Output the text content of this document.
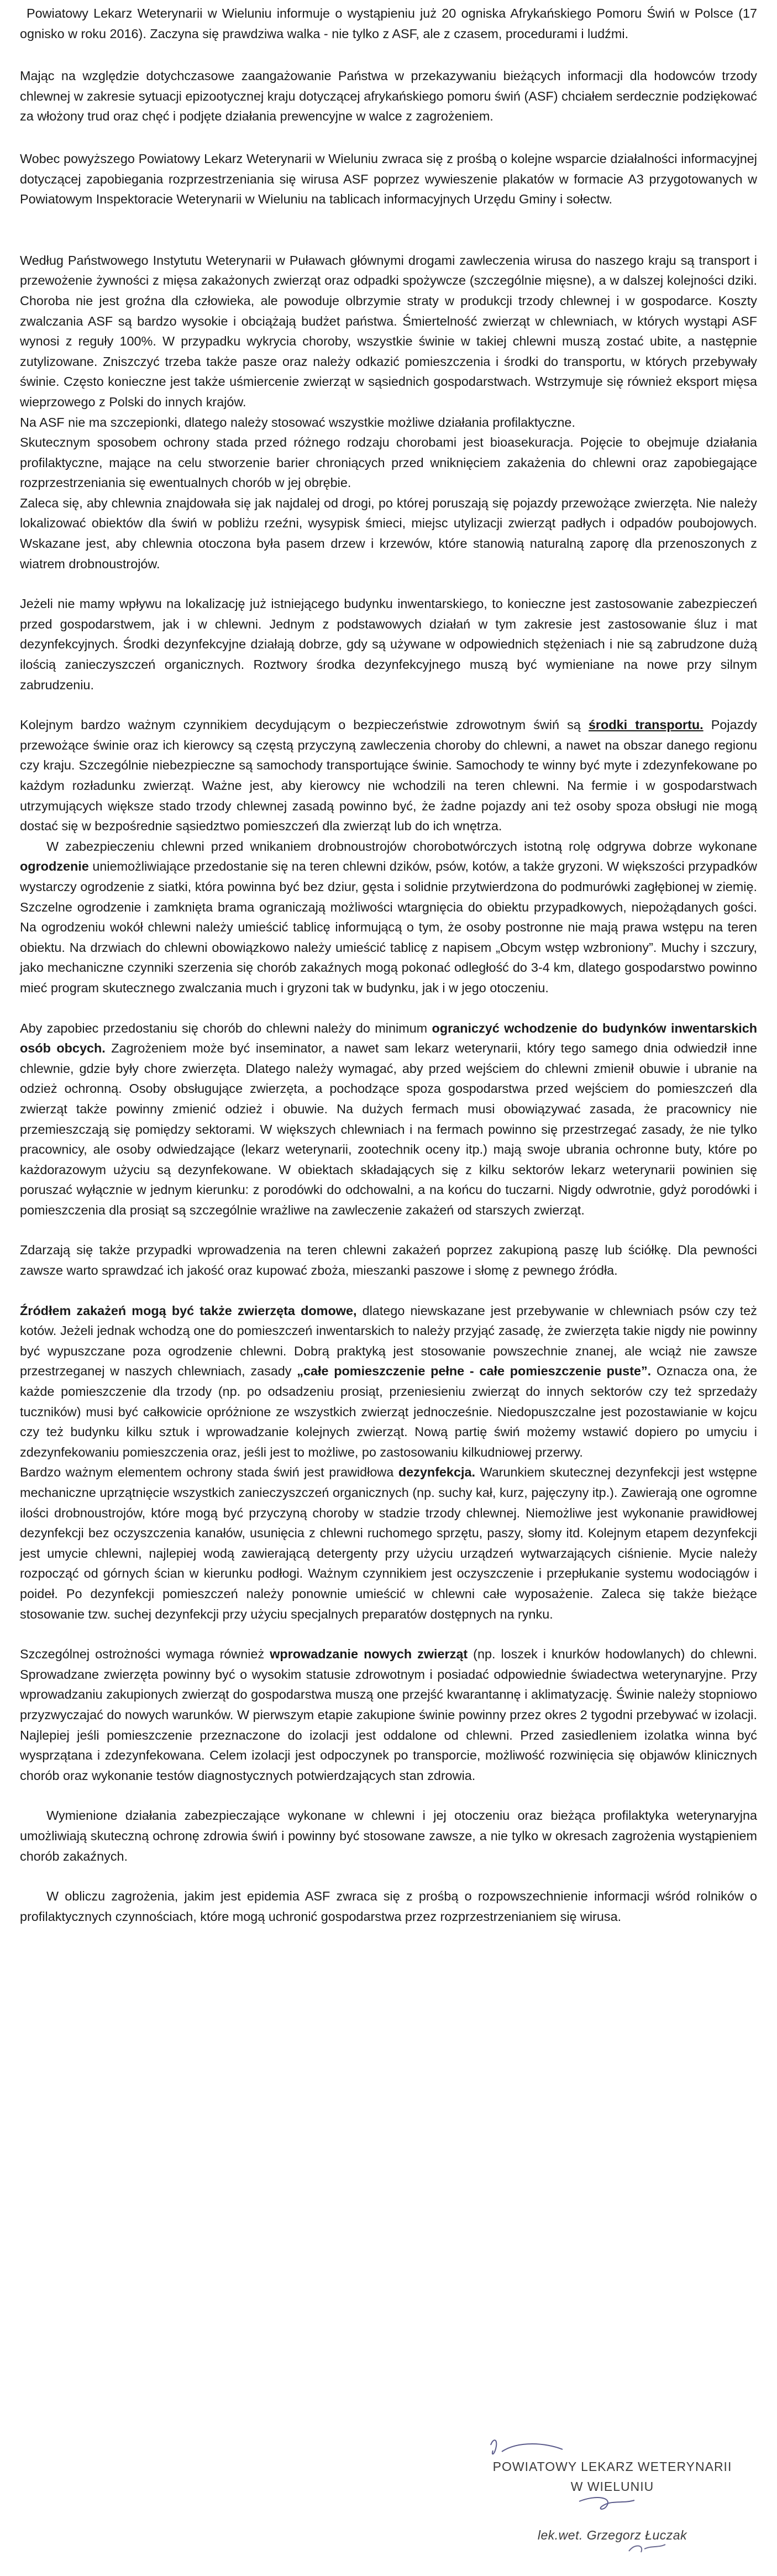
Powiatowy Lekarz Weterynarii w Wieluniu informuje o wystąpieniu już 20 ogniska Afrykańskiego Pomoru Świń w Polsce (17 ognisko w roku 2016). Zaczyna się prawdziwa walka - nie tylko z ASF, ale z czasem, procedurami i ludźmi.

Mając na względzie dotychczasowe zaangażowanie Państwa w przekazywaniu bieżących informacji dla hodowców trzody chlewnej w zakresie sytuacji epizootycznej kraju dotyczącej afrykańskiego pomoru świń (ASF) chciałem serdecznie podziękować za włożony trud oraz chęć i podjęte działania prewencyjne w walce z zagrożeniem.

Wobec powyższego Powiatowy Lekarz Weterynarii w Wieluniu zwraca się z prośbą o kolejne wsparcie działalności informacyjnej dotyczącej zapobiegania rozprzestrzeniania się wirusa ASF poprzez wywieszenie plakatów w formacie A3 przygotowanych w Powiatowym Inspektoracie Weterynarii w Wieluniu na tablicach informacyjnych Urzędu Gminy i sołectw.

Według Państwowego Instytutu Weterynarii w Puławach głównymi drogami zawleczenia wirusa do naszego kraju są transport i przewożenie żywności z mięsa zakażonych zwierząt oraz odpadki spożywcze (szczególnie mięsne), a w dalszej kolejności dziki. Choroba nie jest groźna dla człowieka, ale powoduje olbrzymie straty w produkcji trzody chlewnej i w gospodarce. Koszty zwalczania ASF są bardzo wysokie i obciążają budżet państwa. Śmiertelność zwierząt w chlewniach, w których wystąpi ASF wynosi z reguły 100%. W przypadku wykrycia choroby, wszystkie świnie w takiej chlewni muszą zostać ubite, a następnie zutylizowane. Zniszczyć trzeba także pasze oraz należy odkazić pomieszczenia i środki do transportu, w których przebywały świnie. Często konieczne jest także uśmiercenie zwierząt w sąsiednich gospodarstwach. Wstrzymuje się również eksport mięsa wieprzowego z Polski do innych krajów.

Na ASF nie ma szczepionki, dlatego należy stosować wszystkie możliwe działania profilaktyczne.

Skutecznym sposobem ochrony stada przed różnego rodzaju chorobami jest bioasekuracja. Pojęcie to obejmuje działania profilaktyczne, mające na celu stworzenie barier chroniących przed wniknięciem zakażenia do chlewni oraz zapobiegające rozprzestrzeniania się ewentualnych chorób w jej obrębie.

Zaleca się, aby chlewnia znajdowała się jak najdalej od drogi, po której poruszają się pojazdy przewożące zwierzęta. Nie należy lokalizować obiektów dla świń w pobliżu rzeźni, wysypisk śmieci, miejsc utylizacji zwierząt padłych i odpadów poubojowych. Wskazane jest, aby chlewnia otoczona była pasem drzew i krzewów, które stanowią naturalną zaporę dla przenoszonych z wiatrem drobnoustrojów.

Jeżeli nie mamy wpływu na lokalizację już istniejącego budynku inwentarskiego, to konieczne jest zastosowanie zabezpieczeń przed gospodarstwem, jak i w chlewni. Jednym z podstawowych działań w tym zakresie jest zastosowanie śluz i mat dezynfekcyjnych. Środki dezynfekcyjne działają dobrze, gdy są używane w odpowiednich stężeniach i nie są zabrudzone dużą ilością zanieczyszczeń organicznych. Roztwory środka dezynfekcyjnego muszą być wymieniane na nowe przy silnym zabrudzeniu.

Kolejnym bardzo ważnym czynnikiem decydującym o bezpieczeństwie zdrowotnym świń są środki transportu. Pojazdy przewożące świnie oraz ich kierowcy są częstą przyczyną zawleczenia choroby do chlewni, a nawet na obszar danego regionu czy kraju. Szczególnie niebezpieczne są samochody transportujące świnie. Samochody te winny być myte i zdezynfekowane po każdym rozładunku zwierząt. Ważne jest, aby kierowcy nie wchodzili na teren chlewni. Na fermie i w gospodarstwach utrzymujących większe stado trzody chlewnej zasadą powinno być, że żadne pojazdy ani też osoby spoza obsługi nie mogą dostać się w bezpośrednie sąsiedztwo pomieszczeń dla zwierząt lub do ich wnętrza.

W zabezpieczeniu chlewni przed wnikaniem drobnoustrojów chorobotwórczych istotną rolę odgrywa dobrze wykonane ogrodzenie uniemożliwiające przedostanie się na teren chlewni dzików, psów, kotów, a także gryzoni. W większości przypadków wystarczy ogrodzenie z siatki, która powinna być bez dziur, gęsta i solidnie przytwierdzona do podmurówki zagłębionej w ziemię. Szczelne ogrodzenie i zamknięta brama ograniczają możliwości wtargnięcia do obiektu przypadkowych, niepożądanych gości. Na ogrodzeniu wokół chlewni należy umieścić tablicę informującą o tym, że osoby postronne nie mają prawa wstępu na teren obiektu. Na drzwiach do chlewni obowiązkowo należy umieścić tablicę z napisem „Obcym wstęp wzbroniony”. Muchy i szczury, jako mechaniczne czynniki szerzenia się chorób zakaźnych mogą pokonać odległość do 3-4 km, dlatego gospodarstwo powinno mieć program skutecznego zwalczania much i gryzoni tak w budynku, jak i w jego otoczeniu.

Aby zapobiec przedostaniu się chorób do chlewni należy do minimum ograniczyć wchodzenie do budynków inwentarskich osób obcych. Zagrożeniem może być inseminator, a nawet sam lekarz weterynarii, który tego samego dnia odwiedził inne chlewnie, gdzie były chore zwierzęta. Dlatego należy wymagać, aby przed wejściem do chlewni zmienił obuwie i ubranie na odzież ochronną. Osoby obsługujące zwierzęta, a pochodzące spoza gospodarstwa przed wejściem do pomieszczeń dla zwierząt także powinny zmienić odzież i obuwie. Na dużych fermach musi obowiązywać zasada, że pracownicy nie przemieszczają się pomiędzy sektorami. W większych chlewniach i na fermach powinno się przestrzegać zasady, że nie tylko pracownicy, ale osoby odwiedzające (lekarz weterynarii, zootechnik oceny itp.) mają swoje ubrania ochronne buty, które po każdorazowym użyciu są dezynfekowane. W obiektach składających się z kilku sektorów lekarz weterynarii powinien się poruszać wyłącznie w jednym kierunku: z porodówki do odchowalni, a na końcu do tuczarni. Nigdy odwrotnie, gdyż porodówki i pomieszczenia dla prosiąt są szczególnie wrażliwe na zawleczenie zakażeń od starszych zwierząt.

Zdarzają się także przypadki wprowadzenia na teren chlewni zakażeń poprzez zakupioną paszę lub ściółkę. Dla pewności zawsze warto sprawdzać ich jakość oraz kupować zboża, mieszanki paszowe i słomę z pewnego źródła.

Źródłem zakażeń mogą być także zwierzęta domowe, dlatego niewskazane jest przebywanie w chlewniach psów czy też kotów. Jeżeli jednak wchodzą one do pomieszczeń inwentarskich to należy przyjąć zasadę, że zwierzęta takie nigdy nie powinny być wypuszczane poza ogrodzenie chlewni. Dobrą praktyką jest stosowanie powszechnie znanej, ale wciąż nie zawsze przestrzeganej w naszych chlewniach, zasady „całe pomieszczenie pełne - całe pomieszczenie puste”. Oznacza ona, że każde pomieszczenie dla trzody (np. po odsadzeniu prosiąt, przeniesieniu zwierząt do innych sektorów czy też sprzedaży tuczników) musi być całkowicie opróżnione ze wszystkich zwierząt jednocześnie. Niedopuszczalne jest pozostawianie w kojcu czy też budynku kilku sztuk i wprowadzanie kolejnych zwierząt. Nową partię świń możemy wstawić dopiero po umyciu i zdezynfekowaniu pomieszczenia oraz, jeśli jest to możliwe, po zastosowaniu kilkudniowej przerwy.

Bardzo ważnym elementem ochrony stada świń jest prawidłowa dezynfekcja. Warunkiem skutecznej dezynfekcji jest wstępne mechaniczne uprzątnięcie wszystkich zanieczyszczeń organicznych (np. suchy kał, kurz, pajęczyny itp.). Zawierają one ogromne ilości drobnoustrojów, które mogą być przyczyną choroby w stadzie trzody chlewnej. Niemożliwe jest wykonanie prawidłowej dezynfekcji bez oczyszczenia kanałów, usunięcia z chlewni ruchomego sprzętu, paszy, słomy itd. Kolejnym etapem dezynfekcji jest umycie chlewni, najlepiej wodą zawierającą detergenty przy użyciu urządzeń wytwarzających ciśnienie. Mycie należy rozpocząć od górnych ścian w kierunku podłogi. Ważnym czynnikiem jest oczyszczenie i przepłukanie systemu wodociągów i poideł. Po dezynfekcji pomieszczeń należy ponownie umieścić w chlewni całe wyposażenie. Zaleca się także bieżące stosowanie tzw. suchej dezynfekcji przy użyciu specjalnych preparatów dostępnych na rynku.

Szczególnej ostrożności wymaga również wprowadzanie nowych zwierząt (np. loszek i knurków hodowlanych) do chlewni. Sprowadzane zwierzęta powinny być o wysokim statusie zdrowotnym i posiadać odpowiednie świadectwa weterynaryjne. Przy wprowadzaniu zakupionych zwierząt do gospodarstwa muszą one przejść kwarantannę i aklimatyzację. Świnie należy stopniowo przyzwyczajać do nowych warunków. W pierwszym etapie zakupione świnie powinny przez okres 2 tygodni przebywać w izolacji. Najlepiej jeśli pomieszczenie przeznaczone do izolacji jest oddalone od chlewni. Przed zasiedleniem izolatka winna być wysprzątana i zdezynfekowana. Celem izolacji jest odpoczynek po transporcie, możliwość rozwinięcia się objawów klinicznych chorób oraz wykonanie testów diagnostycznych potwierdzających stan zdrowia.

Wymienione działania zabezpieczające wykonane w chlewni i jej otoczeniu oraz bieżąca profilaktyka weterynaryjna umożliwiają skuteczną ochronę zdrowia świń i powinny być stosowane zawsze, a nie tylko w okresach zagrożenia wystąpieniem chorób zakaźnych.

W obliczu zagrożenia, jakim jest epidemia ASF zwraca się z prośbą o rozpowszechnienie informacji wśród rolników o profilaktycznych czynnościach, które mogą uchronić gospodarstwa przez rozprzestrzenianiem się wirusa.

POWIATOWY LEKARZ WETERYNARII
W WIELUNIU
lek.wet. Grzegorz Łuczak
